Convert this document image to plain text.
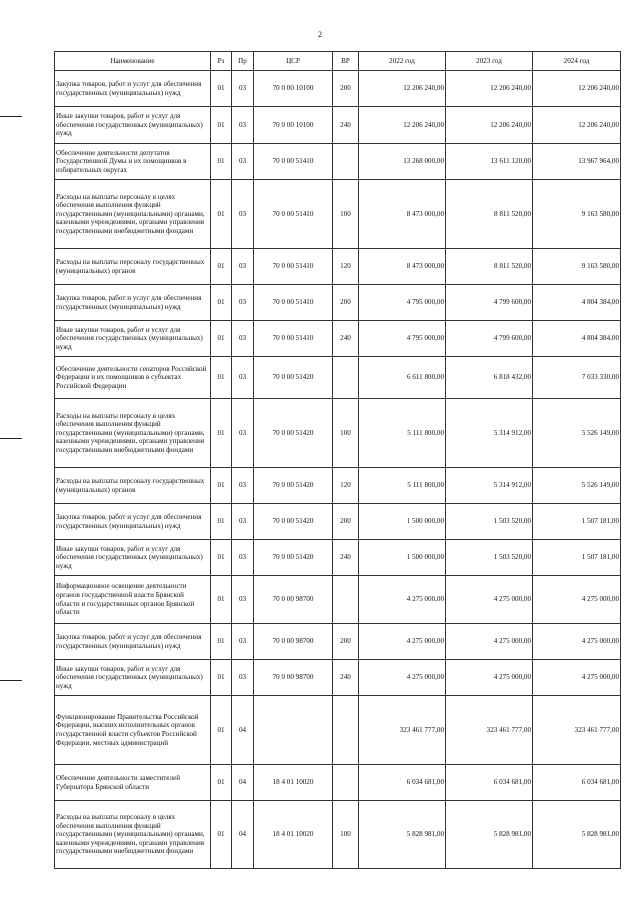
2
Наименование	Рз	Пр	ЦСР	ВР	2022 год	2023 год	2024 год
Закупка товаров, работ и услуг для обеспечения государственных (муниципальных) нужд	01	03	70 0 00 10100	200	12 206 240,00	12 206 240,00	12 206 240,00
Иные закупки товаров, работ и услуг для обеспечения государственных (муниципальных) нужд	01	03	70 0 00 10100	240	12 206 240,00	12 206 240,00	12 206 240,00
Обеспечение деятельности депутатов Государственной Думы и их помощников в избирательных округах	01	03	70 0 00 51410		13 268 000,00	13 611 120,00	13 967 964,00
Расходы на выплаты персоналу в целях обеспечения выполнения функций государственными (муниципальными) органами, казенными учреждениями, органами управления государственными внебюджетными фондами	01	03	70 0 00 51410	100	8 473 000,00	8 811 520,00	9 163 580,00
Расходы на выплаты персоналу государственных (муниципальных) органов	01	03	70 0 00 51410	120	8 473 000,00	8 811 520,00	9 163 580,00
Закупка товаров, работ и услуг для обеспечения государственных (муниципальных) нужд	01	03	70 0 00 51410	200	4 795 000,00	4 799 600,00	4 804 384,00
Иные закупки товаров, работ и услуг для обеспечения государственных (муниципальных) нужд	01	03	70 0 00 51410	240	4 795 000,00	4 799 600,00	4 804 384,00
Обеспечение деятельности сенаторов Российской Федерации и их помощников в субъектах Российской Федерации	01	03	70 0 00 51420		6 611 800,00	6 818 432,00	7 033 330,00
Расходы на выплаты персоналу в целях обеспечения выполнения функций государственными (муниципальными) органами, казенными учреждениями, органами управления государственными внебюджетными фондами	01	03	70 0 00 51420	100	5 111 800,00	5 314 912,00	5 526 149,00
Расходы на выплаты персоналу государственных (муниципальных) органов	01	03	70 0 00 51420	120	5 111 800,00	5 314 912,00	5 526 149,00
Закупка товаров, работ и услуг для обеспечения государственных (муниципальных) нужд	01	03	70 0 00 51420	200	1 500 000,00	1 503 520,00	1 507 181,00
Иные закупки товаров, работ и услуг для обеспечения государственных (муниципальных) нужд	01	03	70 0 00 51420	240	1 500 000,00	1 503 520,00	1 507 181,00
Информационное освещение деятельности органов государственной власти Брянской области и государственных органов Брянской области	01	03	70 0 00 98700		4 275 000,00	4 275 000,00	4 275 000,00
Закупка товаров, работ и услуг для обеспечения государственных (муниципальных) нужд	01	03	70 0 00 98700	200	4 275 000,00	4 275 000,00	4 275 000,00
Иные закупки товаров, работ и услуг для обеспечения государственных (муниципальных) нужд	01	03	70 0 00 98700	240	4 275 000,00	4 275 000,00	4 275 000,00
Функционирование Правительства Российской Федерации, высших исполнительных органов государственной власти субъектов Российской Федерации, местных администраций	01	04			323 461 777,00	323 461 777,00	323 461 777,00
Обеспечение деятельности заместителей Губернатора Брянской области	01	04	18 4 01 10020		6 034 681,00	6 034 681,00	6 034 681,00
Расходы на выплаты персоналу в целях обеспечения выполнения функций государственными (муниципальными) органами, казенными учреждениями, органами управления государственными внебюджетными фондами	01	04	18 4 01 10020	100	5 828 981,00	5 828 981,00	5 828 981,00
